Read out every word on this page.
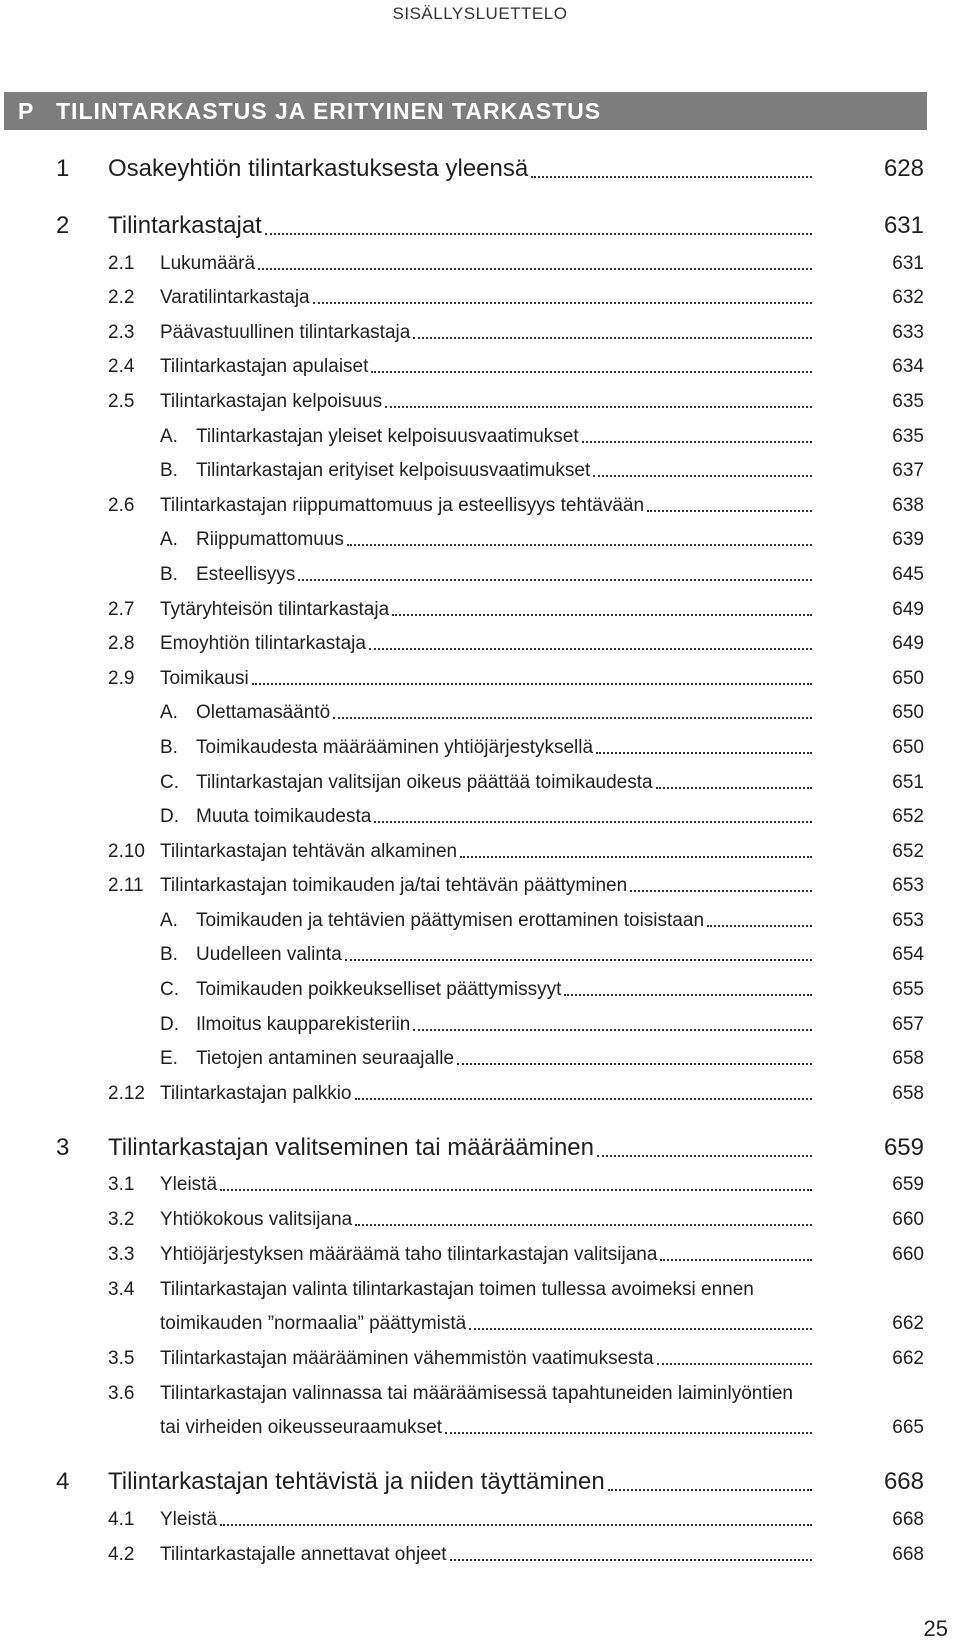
SISÄLLYSLUETTELO
P TILINTARKASTUS JA ERITYINEN TARKASTUS
1	Osakeyhtiön tilintarkastuksesta yleensä	628
2	Tilintarkastajat	631
2.1	Lukumäärä	631
2.2	Varatilintarkastaja	632
2.3	Päävastuullinen tilintarkastaja	633
2.4	Tilintarkastajan apulaiset	634
2.5	Tilintarkastajan kelpoisuus	635
A. Tilintarkastajan yleiset kelpoisuusvaatimukset	635
B. Tilintarkastajan erityiset kelpoisuusvaatimukset	637
2.6	Tilintarkastajan riippumattomuus ja esteellisyys tehtävään	638
A. Riippumattomuus	639
B. Esteellisyys	645
2.7	Tytäryhteisön tilintarkastaja	649
2.8	Emoyhtiön tilintarkastaja	649
2.9	Toimikausi	650
A. Olettamasääntö	650
B. Toimikaudesta määrääminen yhtiöjärjestyksellä	650
C. Tilintarkastajan valitsijan oikeus päättää toimikaudesta	651
D. Muuta toimikaudesta	652
2.10 Tilintarkastajan tehtävän alkaminen	652
2.11 Tilintarkastajan toimikauden ja/tai tehtävän päättyminen	653
A. Toimikauden ja tehtävien päättymisen erottaminen toisistaan	653
B. Uudelleen valinta	654
C. Toimikauden poikkeukselliset päättymissyyt	655
D. Ilmoitus kaupparekisteriin	657
E. Tietojen antaminen seuraajalle	658
2.12 Tilintarkastajan palkkio	658
3	Tilintarkastajan valitseminen tai määrääminen	659
3.1	Yleistä	659
3.2	Yhtiökokous valitsijana	660
3.3	Yhtiöjärjestyksen määräämä taho tilintarkastajan valitsijana	660
3.4	Tilintarkastajan valinta tilintarkastajan toimen tullessa avoimeksi ennen
toimikauden ”normaalia” päättymistä	662
3.5	Tilintarkastajan määrääminen vähemmistön vaatimuksesta	662
3.6	Tilintarkastajan valinnassa tai määräämisessä tapahtuneiden laiminlyöntien
tai virheiden oikeusseuraamukset	665
4	Tilintarkastajan tehtävistä ja niiden täyttäminen	668
4.1	Yleistä	668
4.2	Tilintarkastajalle annettavat ohjeet	668
25
